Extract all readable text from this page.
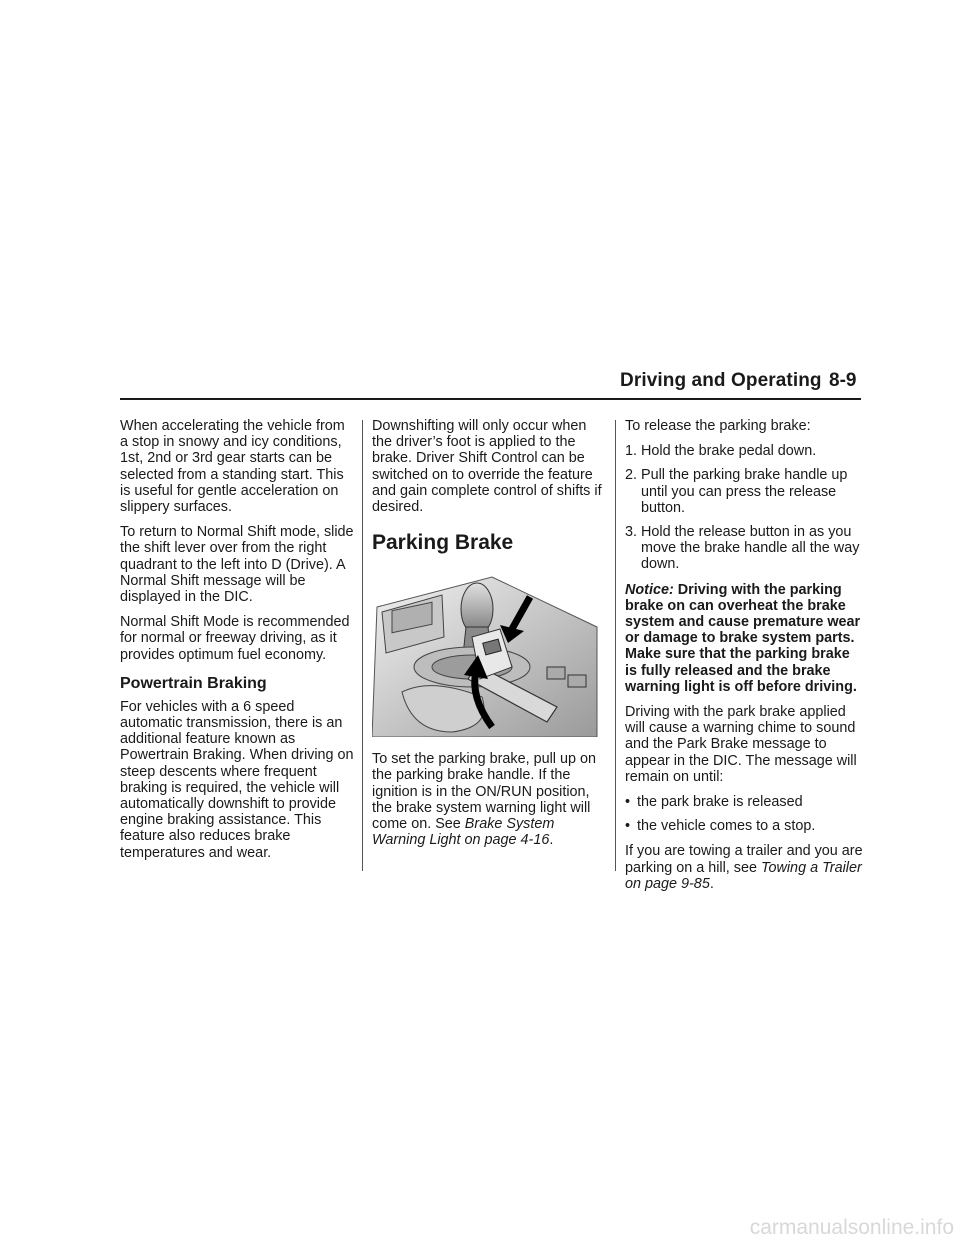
Driving and Operating 8-9

When accelerating the vehicle from a stop in snowy and icy conditions, 1st, 2nd or 3rd gear starts can be selected from a standing start. This is useful for gentle acceleration on slippery surfaces.

To return to Normal Shift mode, slide the shift lever over from the right quadrant to the left into D (Drive). A Normal Shift message will be displayed in the DIC.

Normal Shift Mode is recommended for normal or freeway driving, as it provides optimum fuel economy.

Powertrain Braking

For vehicles with a 6 speed automatic transmission, there is an additional feature known as Powertrain Braking. When driving on steep descents where frequent braking is required, the vehicle will automatically downshift to provide engine braking assistance. This feature also reduces brake temperatures and wear.

Downshifting will only occur when the driver’s foot is applied to the brake. Driver Shift Control can be switched on to override the feature and gain complete control of shifts if desired.

Parking Brake

To set the parking brake, pull up on the parking brake handle. If the ignition is in the ON/RUN position, the brake system warning light will come on. See Brake System Warning Light on page 4-16.

To release the parking brake:

1. Hold the brake pedal down.
2. Pull the parking brake handle up until you can press the release button.
3. Hold the release button in as you move the brake handle all the way down.

Notice: Driving with the parking brake on can overheat the brake system and cause premature wear or damage to brake system parts. Make sure that the parking brake is fully released and the brake warning light is off before driving.

Driving with the park brake applied will cause a warning chime to sound and the Park Brake message to appear in the DIC. The message will remain on until:

• the park brake is released
• the vehicle comes to a stop.

If you are towing a trailer and you are parking on a hill, see Towing a Trailer on page 9-85.

carmanualsonline.info
